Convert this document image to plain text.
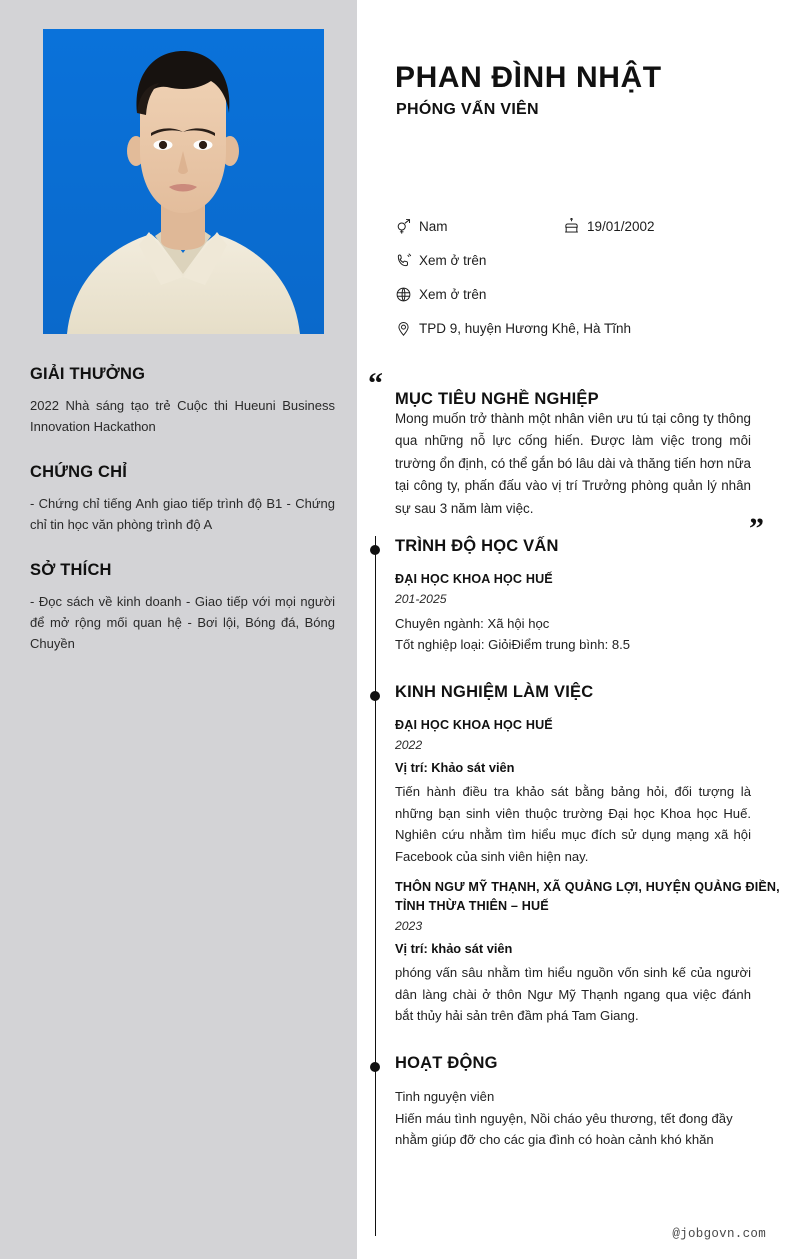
GIẢI THƯỞNG

2022 Nhà sáng tạo trẻ Cuộc thi Hueuni Business Innovation Hackathon

CHỨNG CHỈ

- Chứng chỉ tiếng Anh giao tiếp trình độ B1 - Chứng chỉ tin học văn phòng trình độ A

SỞ THÍCH

- Đọc sách về kinh doanh - Giao tiếp với mọi người để mở rộng mối quan hệ - Bơi lội, Bóng đá, Bóng Chuyền

PHAN ĐÌNH NHẬT
PHÓNG VẤN VIÊN
Nam	19/01/2002
Xem ở trên
Xem ở trên
TPD 9, huyện Hương Khê, Hà Tĩnh
“ MỤC TIÊU NGHỀ NGHIỆP

Mong muốn trở thành một nhân viên ưu tú tại công ty thông qua những nỗ lực cống hiến. Được làm việc trong môi trường ổn định, có thể gắn bó lâu dài và thăng tiến hơn nữa tại công ty, phấn đấu vào vị trí Trưởng phòng quản lý nhân sự sau 3 năm làm việc.

”
TRÌNH ĐỘ HỌC VẤN
ĐẠI HỌC KHOA HỌC HUẾ
201-2025

Chuyên ngành: Xã hội học

Tốt nghiệp loại: GiỏiĐiểm trung bình: 8.5

KINH NGHIỆM LÀM VIỆC
ĐẠI HỌC KHOA HỌC HUẾ
2022
Vị trí: Khảo sát viên

Tiến hành điều tra khảo sát bằng bảng hỏi, đối tượng là những bạn sinh viên thuộc trường Đại học Khoa học Huế. Nghiên cứu nhằm tìm hiểu mục đích sử dụng mạng xã hội Facebook của sinh viên hiện nay.

THÔN NGƯ MỸ THẠNH, XÃ QUẢNG LỢI, HUYỆN QUẢNG ĐIỀN, TỈNH THỪA THIÊN – HUẾ
2023
Vị trí: khảo sát viên

phóng vấn sâu nhằm tìm hiểu nguồn vốn sinh kế của người dân làng chài ở thôn Ngư Mỹ Thạnh ngang qua việc đánh bắt thủy hải sản trên đầm phá Tam Giang.

HOẠT ĐỘNG

Tinh nguyện viên

Hiến máu tình nguyện, Nồi cháo yêu thương, tết đong đầy nhằm giúp đỡ cho các gia đình có hoàn cảnh khó khăn

@jobgovn.com
